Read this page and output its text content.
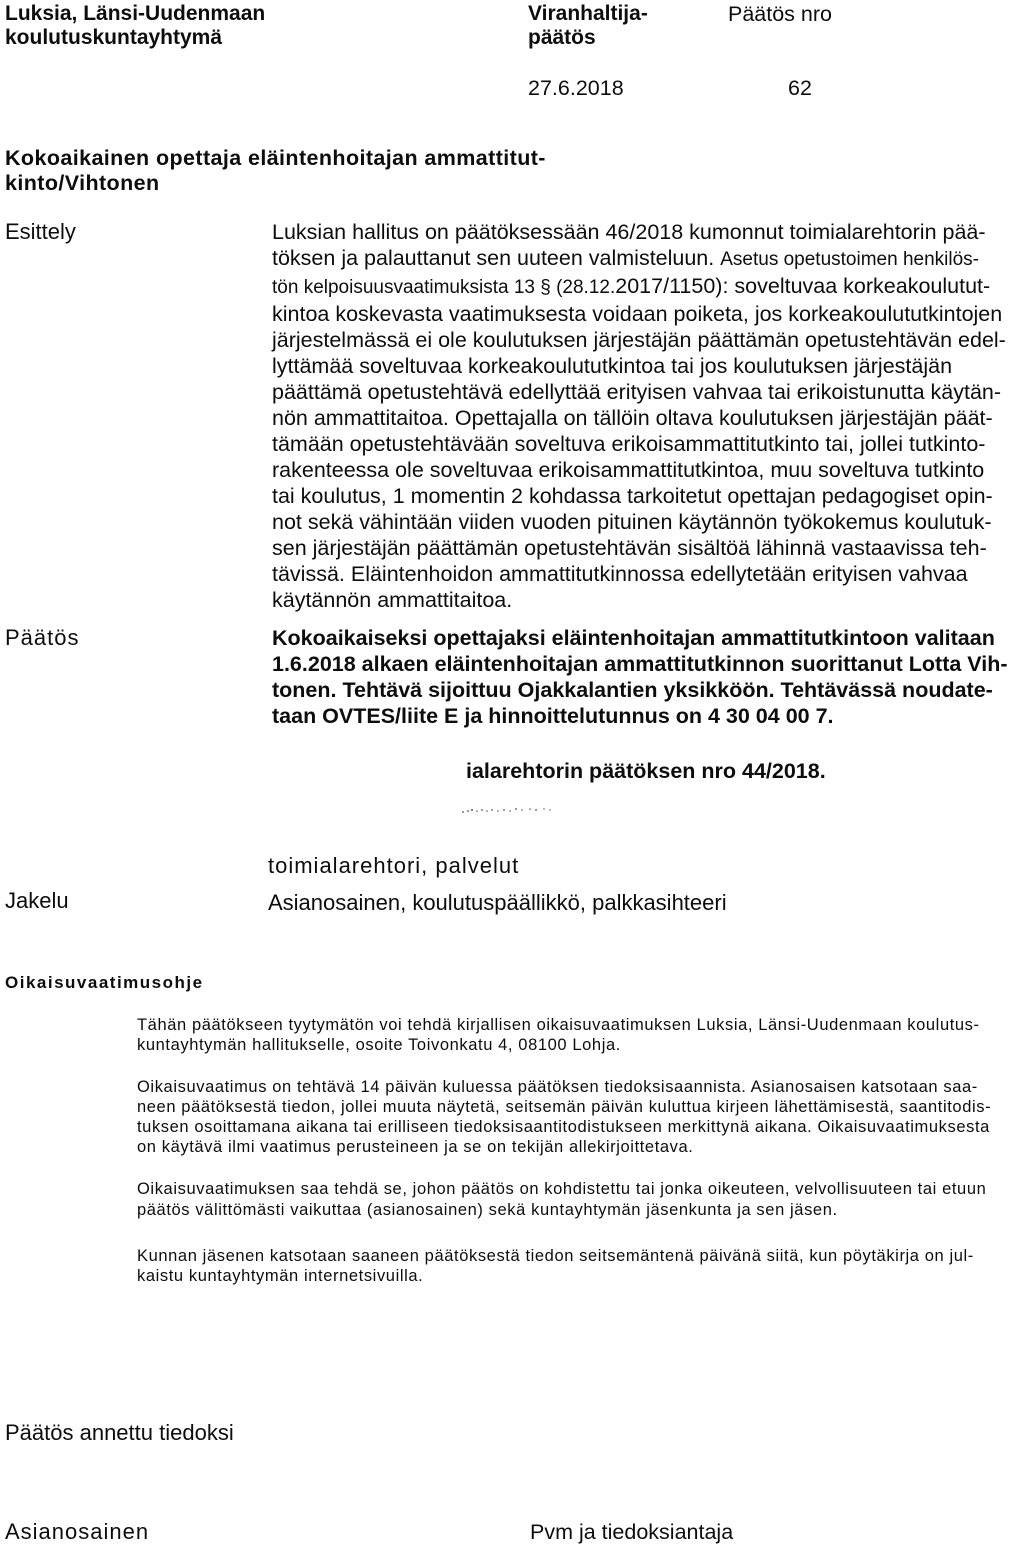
Luksia, Länsi-Uudenmaan
koulutuskuntayhtymä
Viranhaltija-
päätös
Päätös nro
27.6.2018	62
Kokoaikainen opettaja eläintenhoitajan ammattitut-
kinto/Vihtonen
Esittely	Luksian hallitus on päätöksessään 46/2018 kumonnut toimialarehtorin pää-
töksen ja palauttanut sen uuteen valmisteluun. Asetus opetustoimen henkilös-
tön kelpoisuusvaatimuksista 13 § (28.12.2017/1150): soveltuvaa korkeakoulutut-
kintoa koskevasta vaatimuksesta voidaan poiketa, jos korkeakoulututkintojen
järjestelmässä ei ole koulutuksen järjestäjän päättämän opetustehtävän edel-
lyttämää soveltuvaa korkeakoulututkintoa tai jos koulutuksen järjestäjän
päättämä opetustehtävä edellyttää erityisen vahvaa tai erikoistunutta käytän-
nön ammattitaitoa. Opettajalla on tällöin oltava koulutuksen järjestäjän päät-
tämään opetustehtävään soveltuva erikoisammattitutkinto tai, jollei tutkinto-
rakenteessa ole soveltuvaa erikoisammattitutkintoa, muu soveltuva tutkinto
tai koulutus, 1 momentin 2 kohdassa tarkoitetut opettajan pedagogiset opin-
not sekä vähintään viiden vuoden pituinen käytännön työkokemus koulutuk-
sen järjestäjän päättämän opetustehtävän sisältöä lähinnä vastaavissa teh-
tävissä. Eläintenhoidon ammattitutkinnossa edellytetään erityisen vahvaa
käytännön ammattitaitoa.
Päätös	Kokoaikaiseksi opettajaksi eläintenhoitajan ammattitutkintoon valitaan
1.6.2018 alkaen eläintenhoitajan ammattitutkinnon suorittanut Lotta Vih-
tonen. Tehtävä sijoittuu Ojakkalantien yksikköön. Tehtävässä noudate-
taan OVTES/liite E ja hinnoittelutunnus on 4 30 04 00 7.
ialarehtorin päätöksen nro 44/2018.
toimialarehtori, palvelut
Jakelu	Asianosainen, koulutuspäällikkö, palkkasihteeri
Oikaisuvaatimusohje
Tähän päätökseen tyytymätön voi tehdä kirjallisen oikaisuvaatimuksen Luksia, Länsi-Uudenmaan koulutus-
kuntayhtymän hallitukselle, osoite Toivonkatu 4, 08100 Lohja.
Oikaisuvaatimus on tehtävä 14 päivän kuluessa päätöksen tiedoksisaannista. Asianosaisen katsotaan saa-
neen päätöksestä tiedon, jollei muuta näytetä, seitsemän päivän kuluttua kirjeen lähettämisestä, saantitodis-
tuksen osoittamana aikana tai erilliseen tiedoksisaantitodistukseen merkittynä aikana. Oikaisuvaatimuksesta
on käytävä ilmi vaatimus perusteineen ja se on tekijän allekirjoittetava.
Oikaisuvaatimuksen saa tehdä se, johon päätös on kohdistettu tai jonka oikeuteen, velvollisuuteen tai etuun
päätös välittömästi vaikuttaa (asianosainen) sekä kuntayhtymän jäsenkunta ja sen jäsen.
Kunnan jäsenen katsotaan saaneen päätöksestä tiedon seitsemäntenä päivänä siitä, kun pöytäkirja on jul-
kaistu kuntayhtymän internetsivuilla.
Päätös annettu tiedoksi
Asianosainen	Pvm ja tiedoksiantaja
